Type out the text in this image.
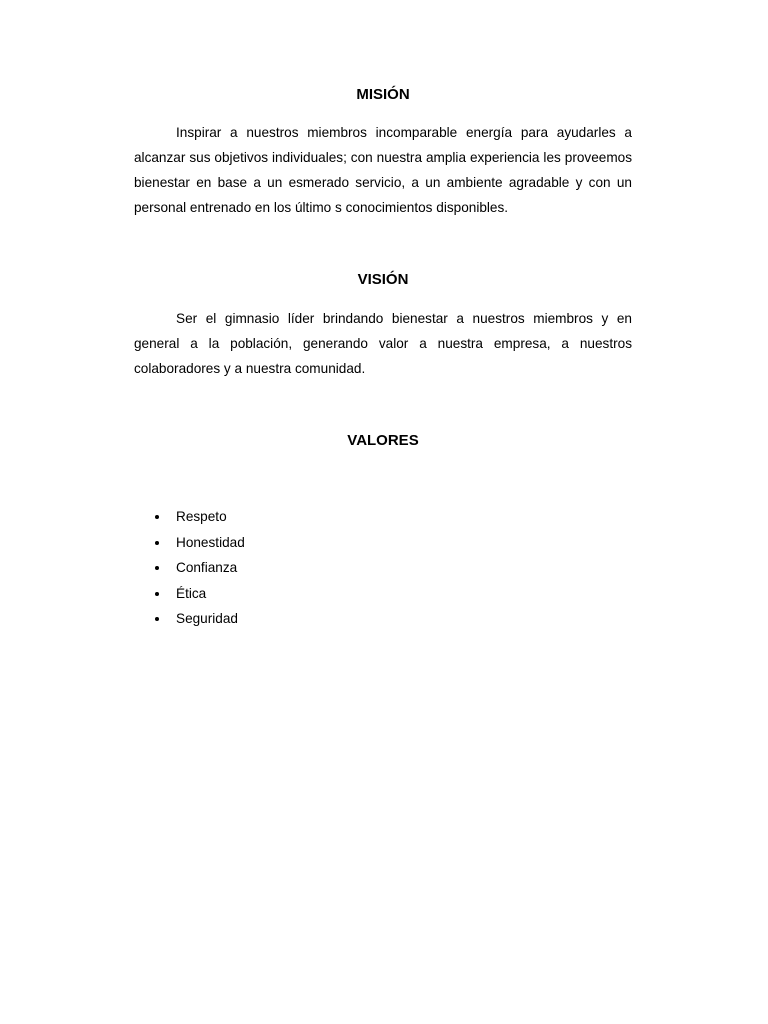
MISIÓN

Inspirar a nuestros miembros incomparable energía para ayudarles a alcanzar sus objetivos individuales; con nuestra amplia experiencia les proveemos bienestar en base a un esmerado servicio, a un ambiente agradable y con un personal entrenado en los último s conocimientos disponibles.

VISIÓN

Ser el gimnasio líder brindando bienestar a nuestros miembros y en general a la población, generando valor a nuestra empresa, a nuestros colaboradores y a nuestra comunidad.

VALORES
Respeto
Honestidad
Confianza
Ética
Seguridad
